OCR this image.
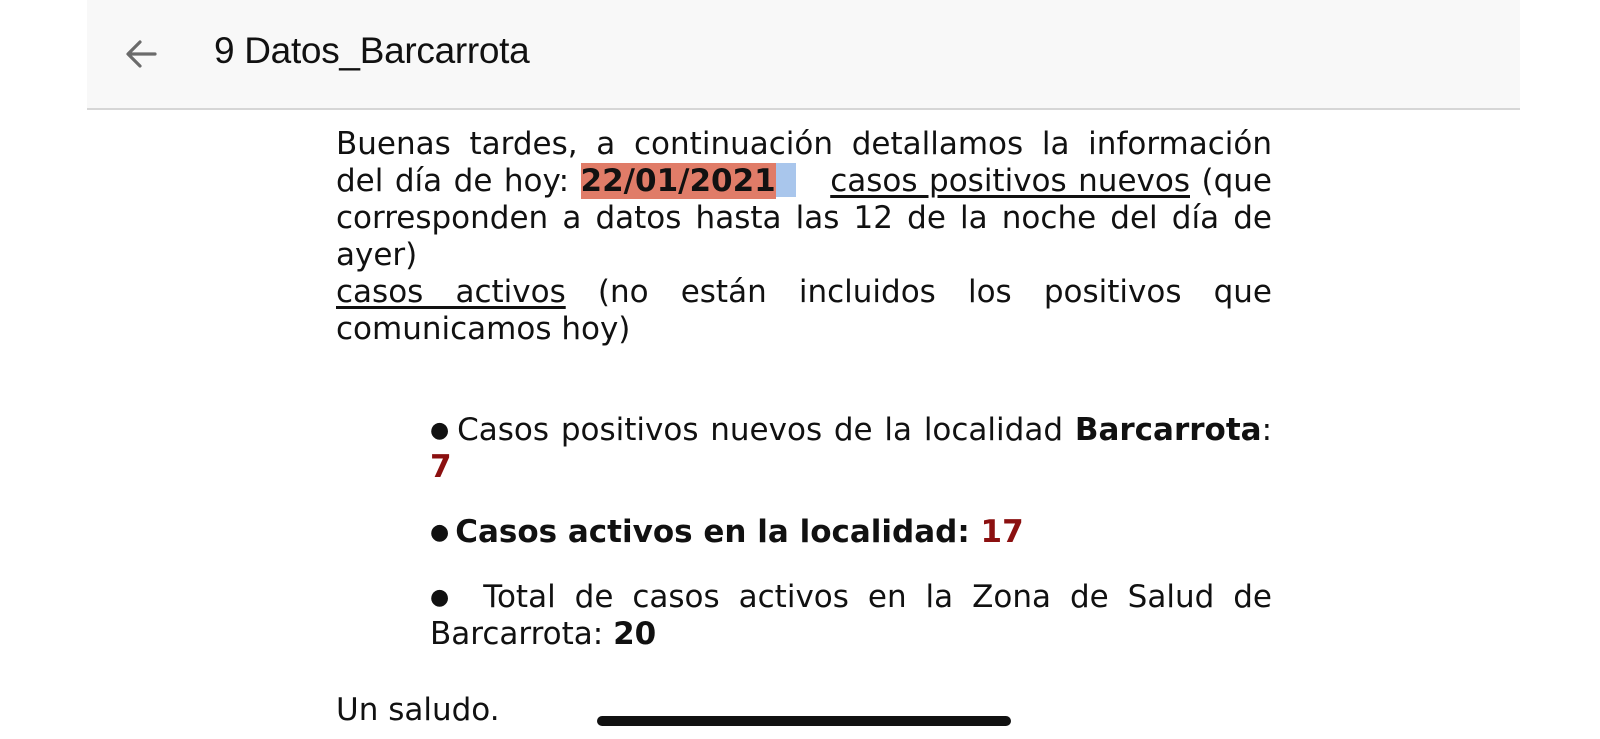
9 Datos_Barcarrota

Buenas tardes, a continuación detallamos la información del día de hoy: 22/01/2021 casos positivos nuevos (que corresponden a datos hasta las 12 de la noche del día de ayer)

casos activos (no están incluidos los positivos que comunicamos hoy)

● Casos positivos nuevos de la localidad Barcarrota: 7

● Casos activos en la localidad: 17

● Total de casos activos en la Zona de Salud de Barcarrota: 20

Un saludo.
